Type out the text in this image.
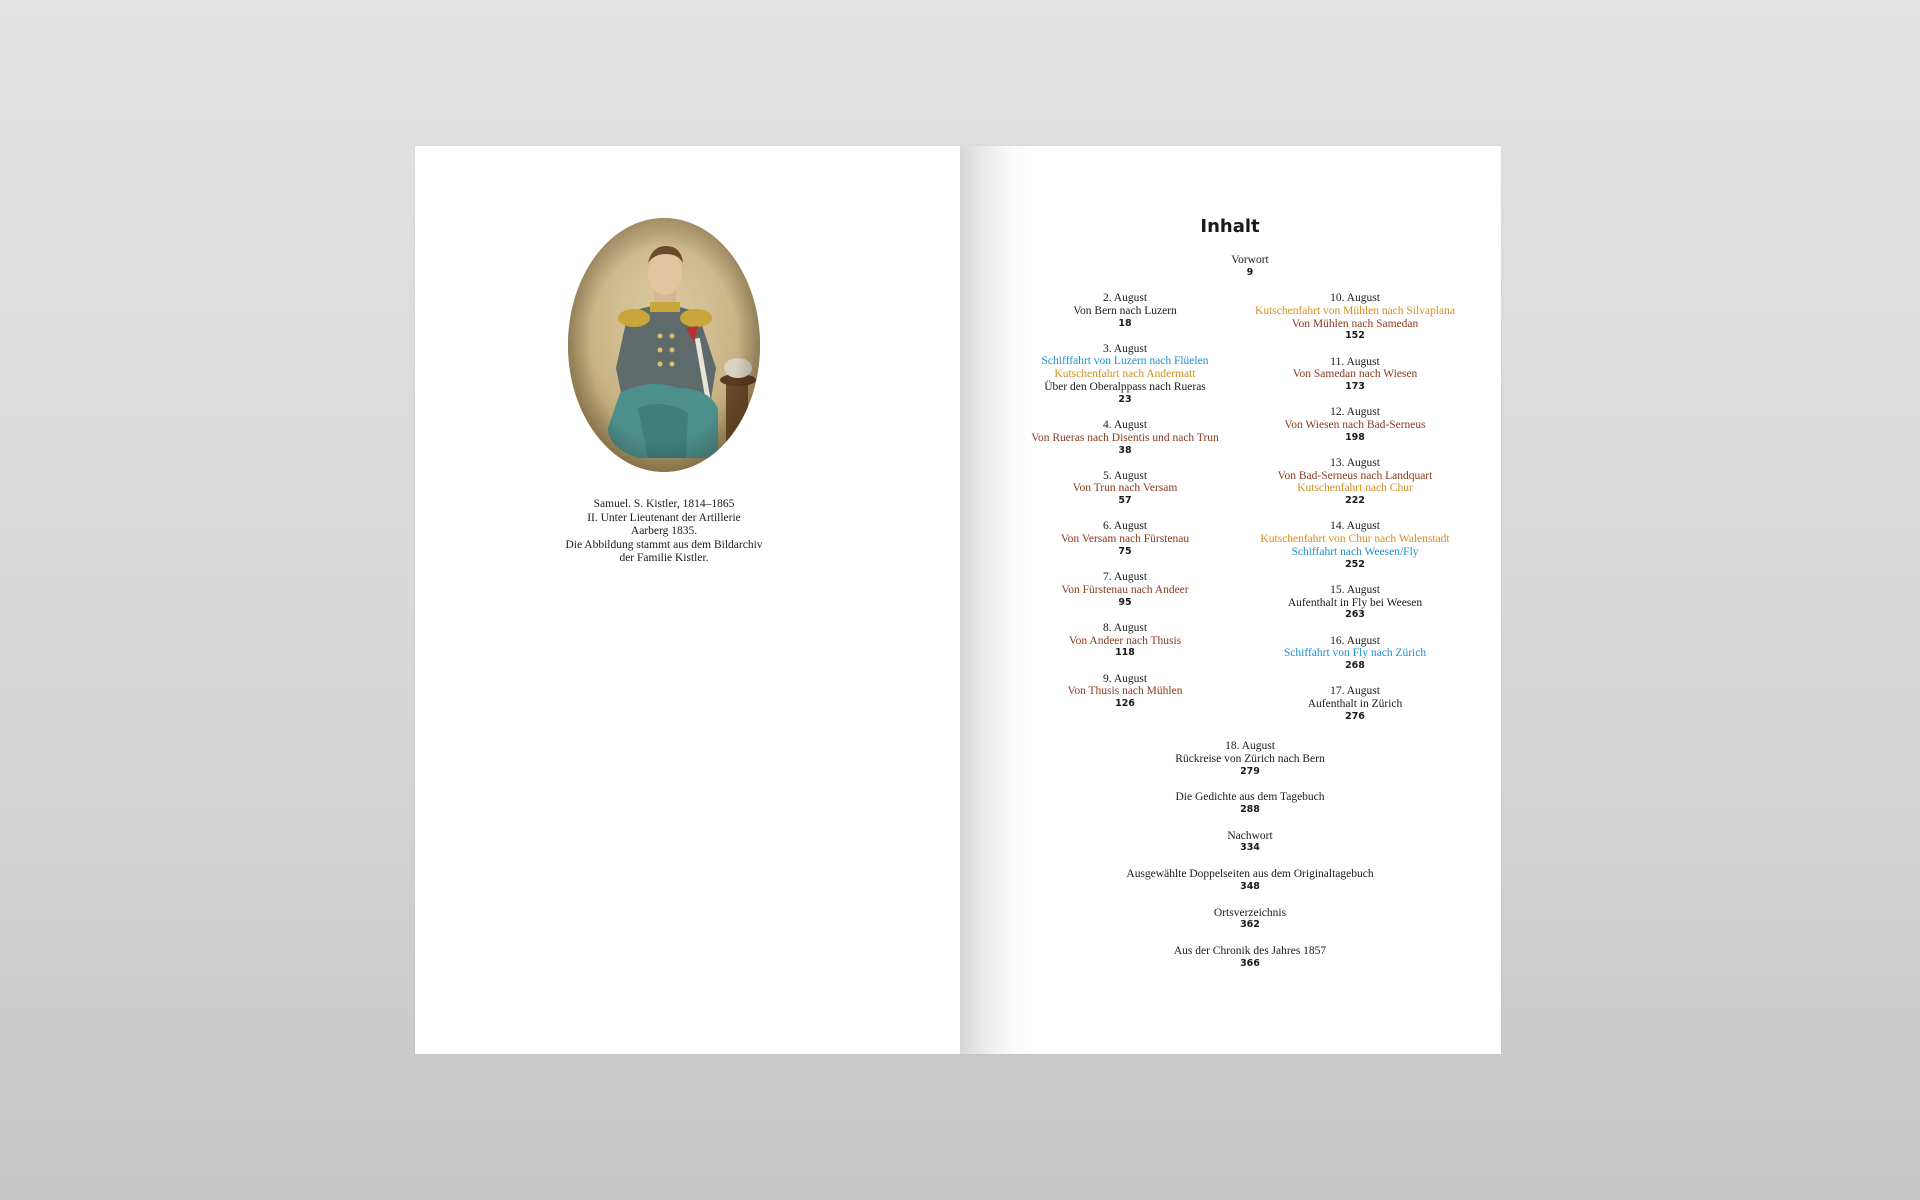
Samuel. S. Kistler, 1814–1865
II. Unter Lieutenant der Artillerie
Aarberg 1835.
Die Abbildung stammt aus dem Bildarchiv
der Familie Kistler.
Inhalt
Vorwort
9
2. August
Von Bern nach Luzern
18
3. August
Schifffahrt von Luzern nach Flüelen
Kutschenfahrt nach Andermatt
Über den Oberalppass nach Rueras
23
4. August
Von Rueras nach Disentis und nach Trun
38
5. August
Von Trun nach Versam
57
6. August
Von Versam nach Fürstenau
75
7. August
Von Fürstenau nach Andeer
95
8. August
Von Andeer nach Thusis
118
9. August
Von Thusis nach Mühlen
126
10. August
Kutschenfahrt von Mühlen nach Silvaplana
Von Mühlen nach Samedan
152
11. August
Von Samedan nach Wiesen
173
12. August
Von Wiesen nach Bad-Serneus
198
13. August
Von Bad-Serneus nach Landquart
Kutschenfahrt nach Chur
222
14. August
Kutschenfahrt von Chur nach Walenstadt
Schiffahrt nach Weesen/Fly
252
15. August
Aufenthalt in Fly bei Weesen
263
16. August
Schiffahrt von Fly nach Zürich
268
17. August
Aufenthalt in Zürich
276
18. August
Rückreise von Zürich nach Bern
279
Die Gedichte aus dem Tagebuch
288
Nachwort
334
Ausgewählte Doppelseiten aus dem Originaltagebuch
348
Ortsverzeichnis
362
Aus der Chronik des Jahres 1857
366
